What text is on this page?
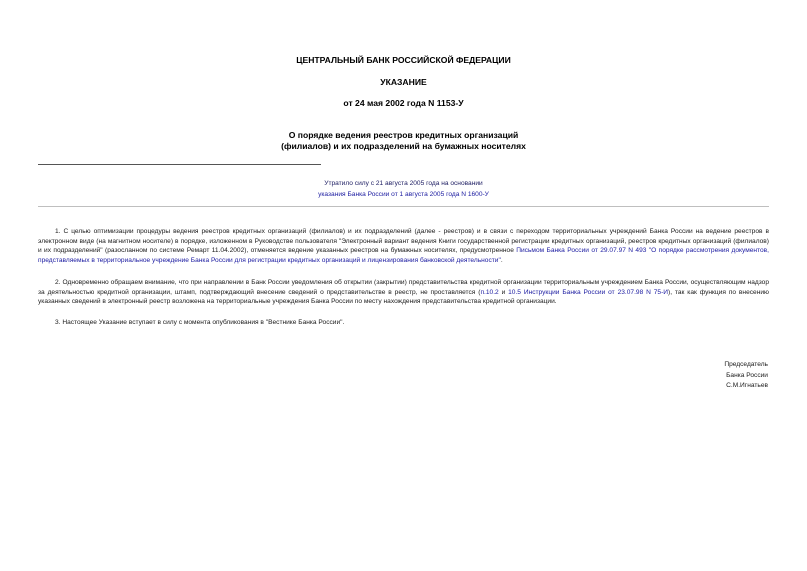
ЦЕНТРАЛЬНЫЙ БАНК РОССИЙСКОЙ ФЕДЕРАЦИИ
УКАЗАНИЕ
от 24 мая 2002 года N 1153-У
О порядке ведения реестров кредитных организаций
(филиалов) и их подразделений на бумажных носителях
Утратило силу с 21 августа 2005 года на основании
указания Банка России от 1 августа 2005 года N 1600-У

1. С целью оптимизации процедуры ведения реестров кредитных организаций (филиалов) и их подразделений (далее - реестров) и в связи с переходом территориальных учреждений Банка России на ведение реестров в электронном виде (на магнитном носителе) в порядке, изложенном в Руководстве пользователя "Электронный вариант ведения Книги государственной регистрации кредитных организаций, реестров кредитных организаций (филиалов) и их подразделений" (разосланном по системе Ремарт 11.04.2002), отменяется ведение указанных реестров на бумажных носителях, предусмотренное Письмом Банка России от 29.07.97 N 493 "О порядке рассмотрения документов, представляемых в территориальное учреждение Банка России для регистрации кредитных организаций и лицензирования банковской деятельности".

2. Одновременно обращаем внимание, что при направлении в Банк России уведомления об открытии (закрытии) представительства кредитной организации территориальным учреждением Банка России, осуществляющим надзор за деятельностью кредитной организации, штамп, подтверждающий внесение сведений о представительстве в реестр, не проставляется (п.10.2 и 10.5 Инструкции Банка России от 23.07.98 N 75-И), так как функция по внесению указанных сведений в электронный реестр возложена на территориальные учреждения Банка России по месту нахождения представительства кредитной организации.

3. Настоящее Указание вступает в силу с момента опубликования в "Вестнике Банка России".

Председатель
Банка России
С.М.Игнатьев
